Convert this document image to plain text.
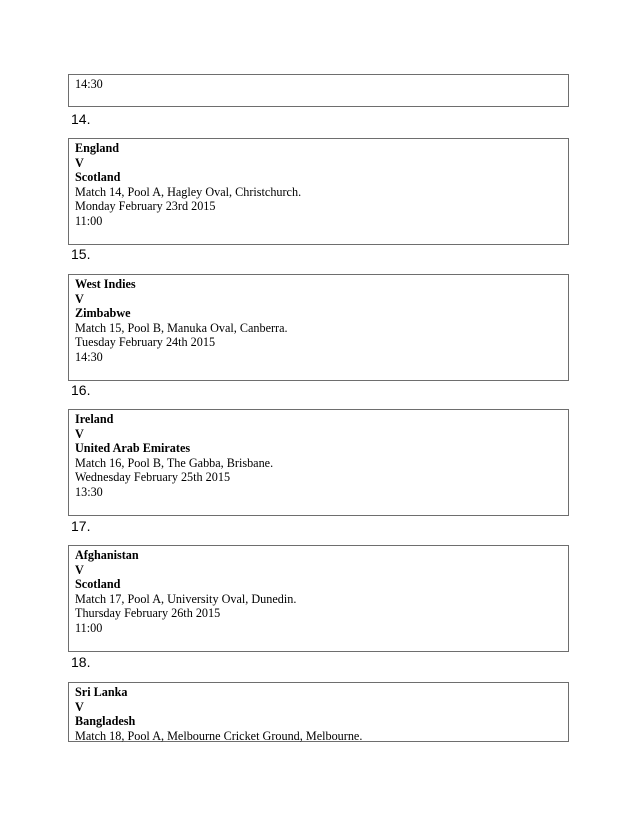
14:30
14.
England
V
Scotland
Match 14, Pool A, Hagley Oval, Christchurch.
Monday February 23rd 2015
11:00
15.
West Indies
V
Zimbabwe
Match 15, Pool B, Manuka Oval, Canberra.
Tuesday February 24th 2015
14:30
16.
Ireland
V
United Arab Emirates
Match 16, Pool B, The Gabba, Brisbane.
Wednesday February 25th 2015
13:30
17.
Afghanistan
V
Scotland
Match 17, Pool A, University Oval, Dunedin.
Thursday February 26th 2015
11:00
18.
Sri Lanka
V
Bangladesh
Match 18, Pool A, Melbourne Cricket Ground, Melbourne.
